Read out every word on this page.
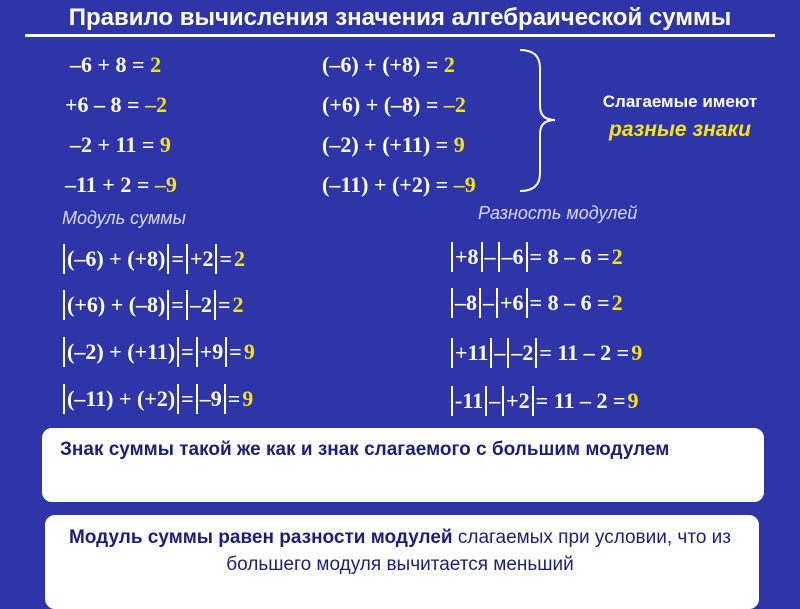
Правило вычисления значения алгебраической суммы
–6 + 8 = 2
+6 – 8 = –2
–2 + 11 = 9
–11 + 2 = –9
(–6) + (+8) = 2
(+6) + (–8) = –2
(–2) + (+11) = 9
(–11) + (+2) = –9
Слагаемые имеют
разные знаки
Модуль суммы	Разность модулей
(–6) + (+8) = +2 = 2
(+6) + (–8) = –2 = 2
(–2) + (+11) = +9 = 9
(–11) + (+2) = –9 = 9
+8 – –6 = 8 – 6 = 2
–8 – +6 = 8 – 6 = 2
+11 – –2 = 11 – 2 = 9
-11 – +2 = 11 – 2 = 9
Знак суммы такой же как и знак слагаемого с большим модулем
Модуль суммы равен разности модулей слагаемых при условии, что из большего модуля вычитается меньший
